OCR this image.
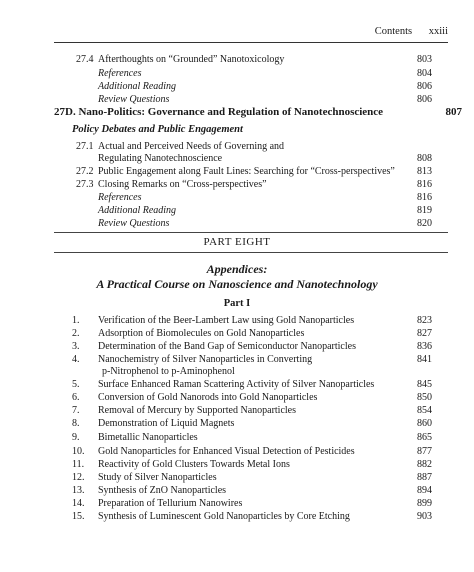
Contents xxiii
27.4 Afterthoughts on “Grounded” Nanotoxicology	803
References	804
Additional Reading	806
Review Questions	806
27D. Nano-Politics: Governance and Regulation of Nanotechnoscience	807
Policy Debates and Public Engagement
27.1 Actual and Perceived Needs of Governing and
Regulating Nanotechnoscience	808
27.2 Public Engagement along Fault Lines: Searching for “Cross-perspectives” 813
27.3 Closing Remarks on “Cross-perspectives”	816
References	816
Additional Reading	819
Review Questions	820
PART EIGHT
Appendices:
A Practical Course on Nanoscience and Nanotechnology
Part I
1. Verification of the Beer-Lambert Law using Gold Nanoparticles	823
2. Adsorption of Biomolecules on Gold Nanoparticles	827
3. Determination of the Band Gap of Semiconductor Nanoparticles	836
4. Nanochemistry of Silver Nanoparticles in Converting	841
p-Nitrophenol to p-Aminophenol
5. Surface Enhanced Raman Scattering Activity of Silver Nanoparticles	845
6. Conversion of Gold Nanorods into Gold Nanoparticles	850
7. Removal of Mercury by Supported Nanoparticles	854
8. Demonstration of Liquid Magnets	860
9. Bimetallic Nanoparticles	865
10. Gold Nanoparticles for Enhanced Visual Detection of Pesticides	877
11. Reactivity of Gold Clusters Towards Metal Ions	882
12. Study of Silver Nanoparticles	887
13. Synthesis of ZnO Nanoparticles	894
14. Preparation of Tellurium Nanowires	899
15. Synthesis of Luminescent Gold Nanoparticles by Core Etching	903
